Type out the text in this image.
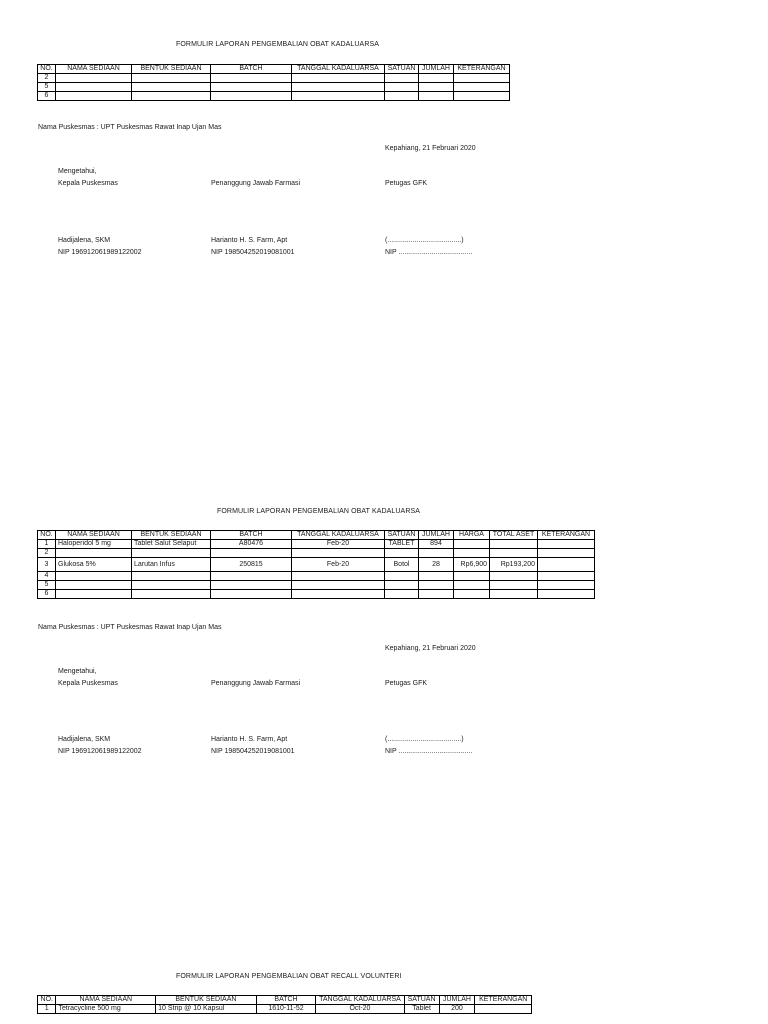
FORMULIR LAPORAN PENGEMBALIAN OBAT KADALUARSA
NO.	NAMA SEDIAAN	BENTUK SEDIAAN	BATCH	TANGGAL KADALUARSA	SATUAN	JUMLAH	KETERANGAN
2							
5							
6							
Nama Puskesmas : UPT Puskesmas Rawat Inap Ujan Mas
Kepahiang, 21 Februari 2020
Mengetahui,
Kepala Puskesmas	Penanggung Jawab Farmasi	Petugas GFK
Hadijalena, SKM
NIP 196912061989122002
Harianto H. S. Farm, Apt
NIP 198504252019081001
(......................................)
NIP ......................................
FORMULIR LAPORAN PENGEMBALIAN OBAT KADALUARSA
NO.	NAMA SEDIAAN	BENTUK SEDIAAN	BATCH	TANGGAL KADALUARSA	SATUAN	JUMLAH	HARGA	TOTAL ASET	KETERANGAN
1	Haloperidol 5 mg	Tablet Salut Selaput	A80476	Feb-20	TABLET	894			
2									
3	Glukosa 5%	Larutan Infus	250815	Feb-20	Botol	28	Rp6,900	Rp193,200	
4									
5									
6									
Nama Puskesmas : UPT Puskesmas Rawat Inap Ujan Mas
Kepahiang, 21 Februari 2020
Mengetahui,
Kepala Puskesmas	Penanggung Jawab Farmasi	Petugas GFK
Hadijalena, SKM
NIP 196912061989122002
Harianto H. S. Farm, Apt
NIP 198504252019081001
(......................................)
NIP ......................................
FORMULIR LAPORAN PENGEMBALIAN OBAT RECALL VOLUNTERI
NO.	NAMA SEDIAAN	BENTUK SEDIAAN	BATCH	TANGGAL KADALUARSA	SATUAN	JUMLAH	KETERANGAN
1	Tetracycline 500 mg	10 Strip @ 10 Kapsul	1610-11-52	Oct-20	Tablet	200	
